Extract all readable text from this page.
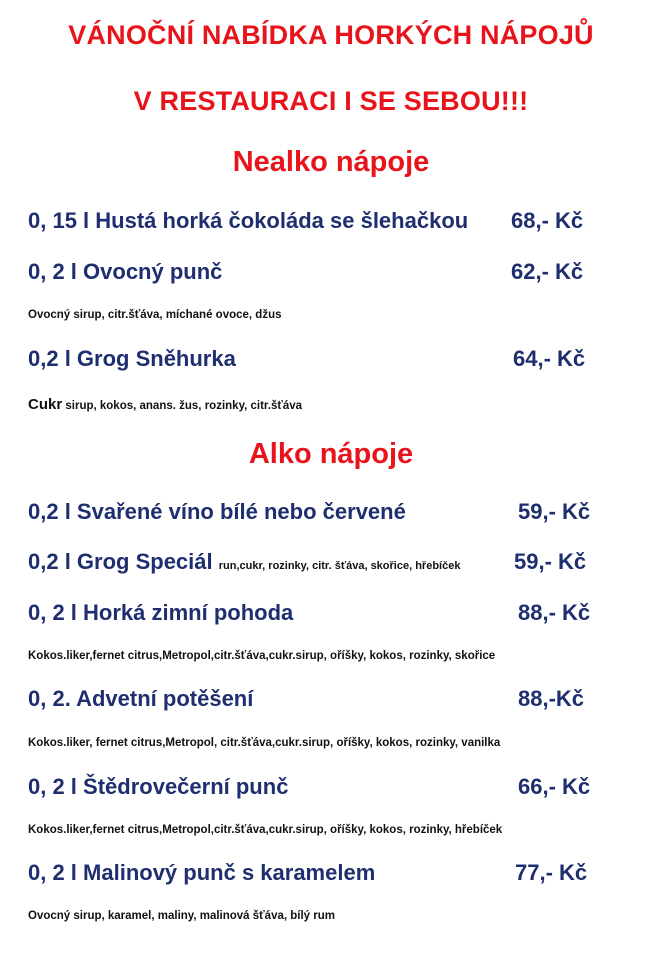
VÁNOČNÍ NABÍDKA HORKÝCH NÁPOJŮ
V RESTAURACI I SE SEBOU!!!
Nealko nápoje
0, 15 l Hustá horká čokoláda se šlehačkou 68,- Kč
0, 2 l Ovocný punč	62,- Kč
Ovocný sirup, citr.šťáva, míchané ovoce, džus
0,2 l Grog Sněhurka	64,- Kč
Cukr sirup, kokos, anans. žus, rozinky, citr.šťáva
Alko nápoje
0,2 l Svařené víno bílé nebo červené	59,- Kč
0,2 l Grog Speciál run,cukr, rozinky, citr. šťáva, skořice, hřebíček 59,- Kč
0, 2 l Horká zimní pohoda	88,- Kč
Kokos.liker,fernet citrus,Metropol,citr.šťáva,cukr.sirup, oříšky, kokos, rozinky, skořice
0, 2. Advetní potěšení	88,-Kč
Kokos.liker, fernet citrus,Metropol, citr.šťáva,cukr.sirup, oříšky, kokos, rozinky, vanilka
0, 2 l Štědrovečerní punč	66,- Kč
Kokos.liker,fernet citrus,Metropol,citr.šťáva,cukr.sirup, oříšky, kokos, rozinky, hřebíček
0, 2 l Malinový punč s karamelem	77,- Kč
Ovocný sirup, karamel, maliny, malinová šťáva, bílý rum
